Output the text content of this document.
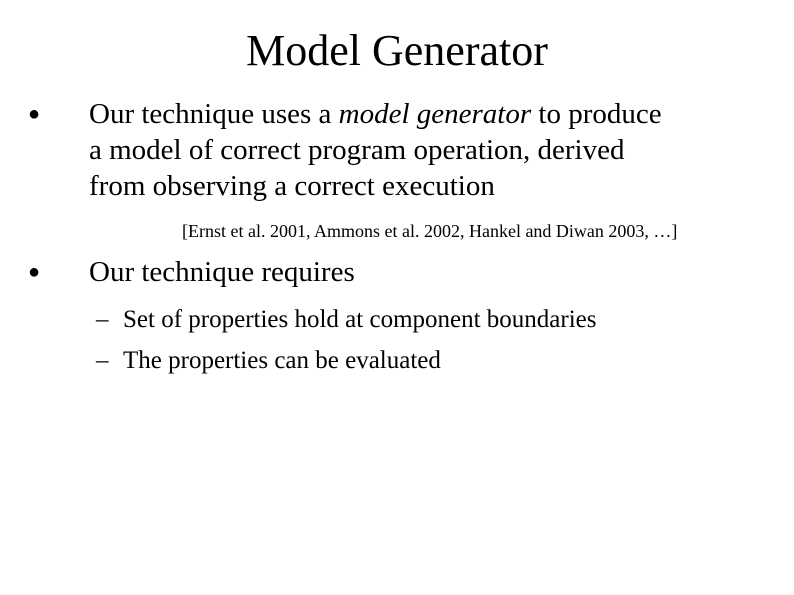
Model Generator
● Our technique uses a model generator to produce
a model of correct program operation, derived
from observing a correct execution
[Ernst et al. 2001, Ammons et al. 2002, Hankel and Diwan 2003, …]
● Our technique requires
– Set of properties hold at component boundaries
– The properties can be evaluated
